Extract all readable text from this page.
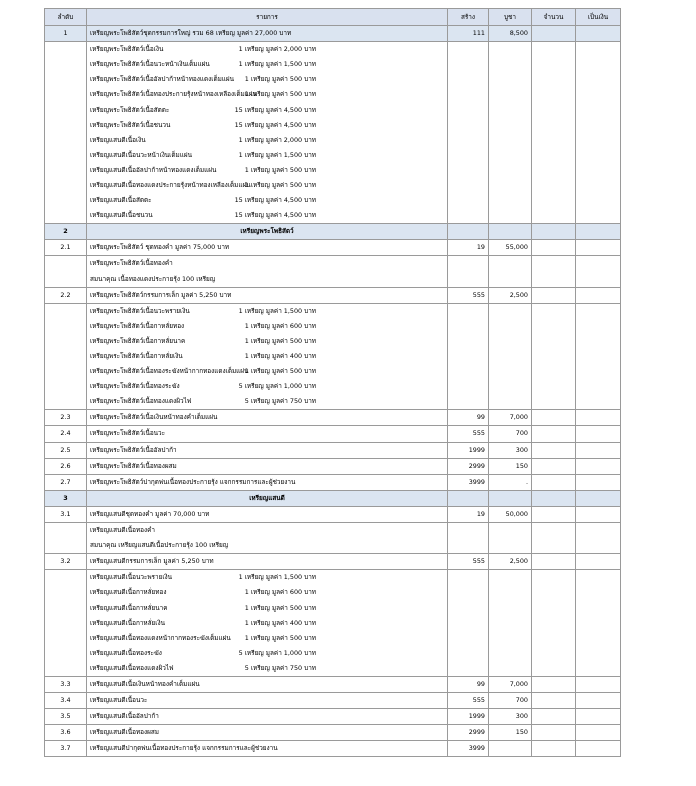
ลำดับ	รายการ	สร้าง	บูชา	จำนวน	เป็นเงิน
1	เหรียญพระโพธิสัตว์ชุดกรรมการใหญ่ รวม 68 เหรียญ มูลค่า 27,000 บาท	111	8,500		
	เหรียญพระโพธิสัตว์เนื้อเงิน 1 เหรียญ มูลค่า 2,000 บาท				
	เหรียญพระโพธิสัตว์เนื้อนวะหน้าเงินเต็มแผ่น 1 เหรียญ มูลค่า 1,500 บาท				
	เหรียญพระโพธิสัตว์เนื้ออัลปาก้าหน้าทองแดงเต็มแผ่น 1 เหรียญ มูลค่า 500 บาท				
	เหรียญพระโพธิสัตว์เนื้อทองประกายรุ้งหน้าทองเหลืองเต็มแผ่น1 เหรียญ มูลค่า 500 บาท				
	เหรียญพระโพธิสัตว์เนื้อสัตตะ 15 เหรียญ มูลค่า 4,500 บาท				
	เหรียญพระโพธิสัตว์เนื้อชนวน 15 เหรียญ มูลค่า 4,500 บาท				
	เหรียญแสนดีเนื้อเงิน 1 เหรียญ มูลค่า 2,000 บาท				
	เหรียญแสนดีเนื้อนวะหน้าเงินเต็มแผ่น 1 เหรียญ มูลค่า 1,500 บาท				
	เหรียญแสนดีเนื้ออัลปาก้าหน้าทองแดงเต็มแผ่น 1 เหรียญ มูลค่า 500 บาท				
	เหรียญแสนดีเนื้อทองแดงประกายรุ้งหน้าทองเหลืองเต็มแผ่น1 เหรียญ มูลค่า 500 บาท				
	เหรียญแสนดีเนื้อสัตตะ 15 เหรียญ มูลค่า 4,500 บาท				
	เหรียญแสนดีเนื้อชนวน 15 เหรียญ มูลค่า 4,500 บาท				
2	เหรียญพระโพธิสัตว์				
2.1	เหรียญพระโพธิสัตว์ ชุดทองคำ มูลค่า 75,000 บาท	19	55,000		
	เหรียญพระโพธิสัตว์เนื้อทองคำ				
	สมนาคุณ เนื้อทองแดงประกายรุ้ง 100 เหรียญ				
2.2	เหรียญพระโพธิสัตว์กรรมการเล็ก มูลค่า 5,250 บาท	555	2,500		
	เหรียญพระโพธิสัตว์เนื้อนวะพรายเงิน 1 เหรียญ มูลค่า 1,500 บาท				
	เหรียญพระโพธิสัตว์เนื้อกาหลั่ยทอง 1 เหรียญ มูลค่า 600 บาท				
	เหรียญพระโพธิสัตว์เนื้อกาหลั่ยนาค 1 เหรียญ มูลค่า 500 บาท				
	เหรียญพระโพธิสัตว์เนื้อกาหลั่ยเงิน 1 เหรียญ มูลค่า 400 บาท				
	เหรียญพระโพธิสัตว์เนื้อทองระฆังหน้ากากทองแดงเต็มแผ่น1 เหรียญ มูลค่า 500 บาท				
	เหรียญพระโพธิสัตว์เนื้อทองระฆัง 5 เหรียญ มูลค่า 1,000 บาท				
	เหรียญพระโพธิสัตว์เนื้อทองแดงผิวไฟ 5 เหรียญ มูลค่า 750 บาท				
2.3	เหรียญพระโพธิสัตว์เนื้อเงินหน้าทองคำเต็มแผ่น	99	7,000		
2.4	เหรียญพระโพธิสัตว์เนื้อนวะ	555	700		
2.5	เหรียญพระโพธิสัตว์เนื้ออัลปาก้า	1999	300		
2.6	เหรียญพระโพธิสัตว์เนื้อทองผสม	2999	150		
2.7	เหรียญพระโพธิสัตว์ปากุดพ่นเนื้อทองประกายรุ้ง แจกกรรมการและผู้ช่วยงาน	3999	.		
3	เหรียญแสนดี				
3.1	เหรียญแสนดีชุดทองคำ มูลค่า 70,000 บาท	19	50,000		
	เหรียญแสนดีเนื้อทองคำ				
	สมนาคุณ เหรียญแสนดีเนื้อประกายรุ้ง 100 เหรียญ				
3.2	เหรียญแสนดีกรรมการเล็ก มูลค่า 5,250 บาท	555	2,500		
	เหรียญแสนดีเนื้อนวะพรายเงิน 1 เหรียญ มูลค่า 1,500 บาท				
	เหรียญแสนดีเนื้อกาหลั่ยทอง 1 เหรียญ มูลค่า 600 บาท				
	เหรียญแสนดีเนื้อกาหลั่ยนาค 1 เหรียญ มูลค่า 500 บาท				
	เหรียญแสนดีเนื้อกาหลั่ยเงิน 1 เหรียญ มูลค่า 400 บาท				
	เหรียญแสนดีเนื้อทองแดงหน้ากากทองระฆังเต็มแผ่น 1 เหรียญ มูลค่า 500 บาท				
	เหรียญแสนดีเนื้อทองระฆัง 5 เหรียญ มูลค่า 1,000 บาท				
	เหรียญแสนดีเนื้อทองแดงผิวไฟ 5 เหรียญ มูลค่า 750 บาท				
3.3	เหรียญแสนดีเนื้อเงินหน้าทองคำเต็มแผ่น	99	7,000		
3.4	เหรียญแสนดีเนื้อนวะ	555	700		
3.5	เหรียญแสนดีเนื้ออัลปาก้า	1999	300		
3.6	เหรียญแสนดีเนื้อทองผสม	2999	150		
3.7	เหรียญแสนดีปากุดพ่นเนื้อทองประกายรุ้ง แจกกรรมการและผู้ช่วยงาน	3999			
